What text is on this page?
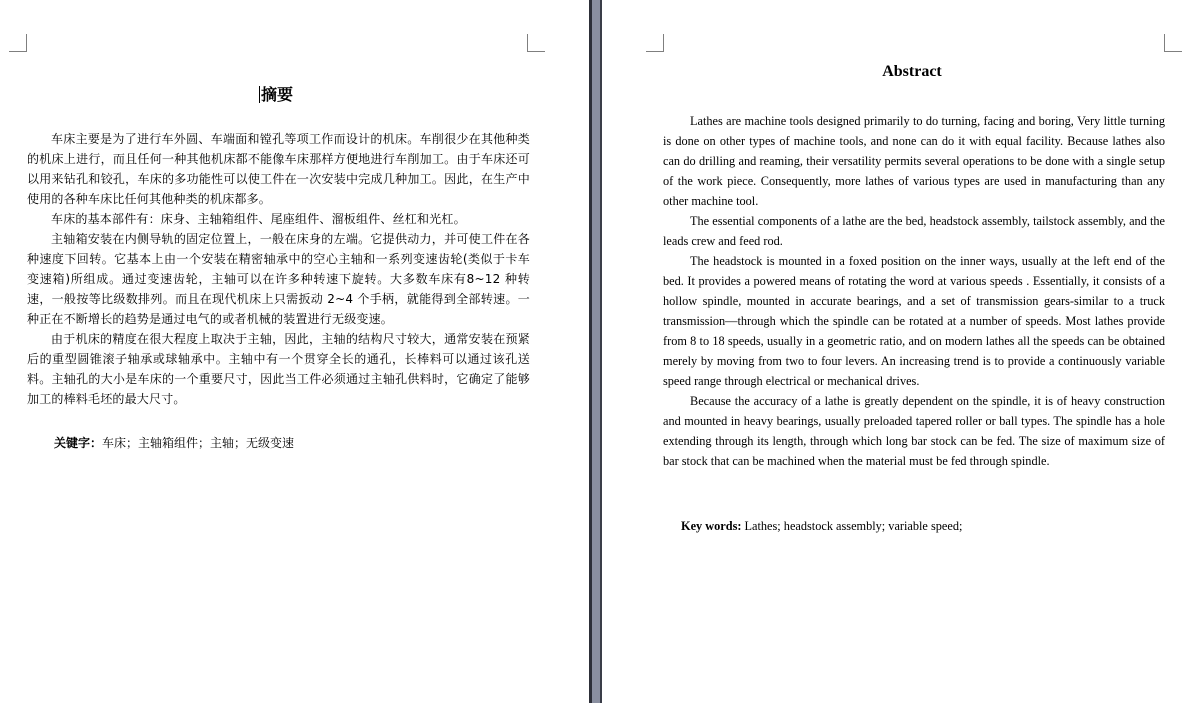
摘要

车床主要是为了进行车外圆、车端面和镗孔等项工作而设计的机床。车削很少在其他种类的机床上进行，而且任何一种其他机床都不能像车床那样方便地进行车削加工。由于车床还可以用来钻孔和铰孔，车床的多功能性可以使工件在一次安装中完成几种加工。因此，在生产中使用的各种车床比任何其他种类的机床都多。

车床的基本部件有：床身、主轴箱组件、尾座组件、溜板组件、丝杠和光杠。

主轴箱安装在内侧导轨的固定位置上，一般在床身的左端。它提供动力，并可使工件在各种速度下回转。它基本上由一个安装在精密轴承中的空心主轴和一系列变速齿轮(类似于卡车变速箱)所组成。通过变速齿轮，主轴可以在许多种转速下旋转。大多数车床有8~12 种转速，一般按等比级数排列。而且在现代机床上只需扳动 2~4 个手柄，就能得到全部转速。一种正在不断增长的趋势是通过电气的或者机械的装置进行无级变速。

由于机床的精度在很大程度上取决于主轴，因此，主轴的结构尺寸较大，通常安装在预紧后的重型圆锥滚子轴承或球轴承中。主轴中有一个贯穿全长的通孔，长棒料可以通过该孔送料。主轴孔的大小是车床的一个重要尺寸，因此当工件必须通过主轴孔供料时，它确定了能够加工的棒料毛坯的最大尺寸。

关键字：车床；主轴箱组件；主轴；无级变速
Abstract

Lathes are machine tools designed primarily to do turning, facing and boring, Very little turning is done on other types of machine tools, and none can do it with equal facility. Because lathes also can do drilling and reaming, their versatility permits several operations to be done with a single setup of the work piece. Consequently, more lathes of various types are used in manufacturing than any other machine tool.

The essential components of a lathe are the bed, headstock assembly, tailstock assembly, and the leads crew and feed rod.

The headstock is mounted in a foxed position on the inner ways, usually at the left end of the bed. It provides a powered means of rotating the word at various speeds . Essentially, it consists of a hollow spindle, mounted in accurate bearings, and a set of transmission gears-similar to a truck transmission—through which the spindle can be rotated at a number of speeds. Most lathes provide from 8 to 18 speeds, usually in a geometric ratio, and on modern lathes all the speeds can be obtained merely by moving from two to four levers. An increasing trend is to provide a continuously variable speed range through electrical or mechanical drives.

Because the accuracy of a lathe is greatly dependent on the spindle, it is of heavy construction and mounted in heavy bearings, usually preloaded tapered roller or ball types. The spindle has a hole extending through its length, through which long bar stock can be fed. The size of maximum size of bar stock that can be machined when the material must be fed through spindle.

Key words: Lathes; headstock assembly; variable speed;
